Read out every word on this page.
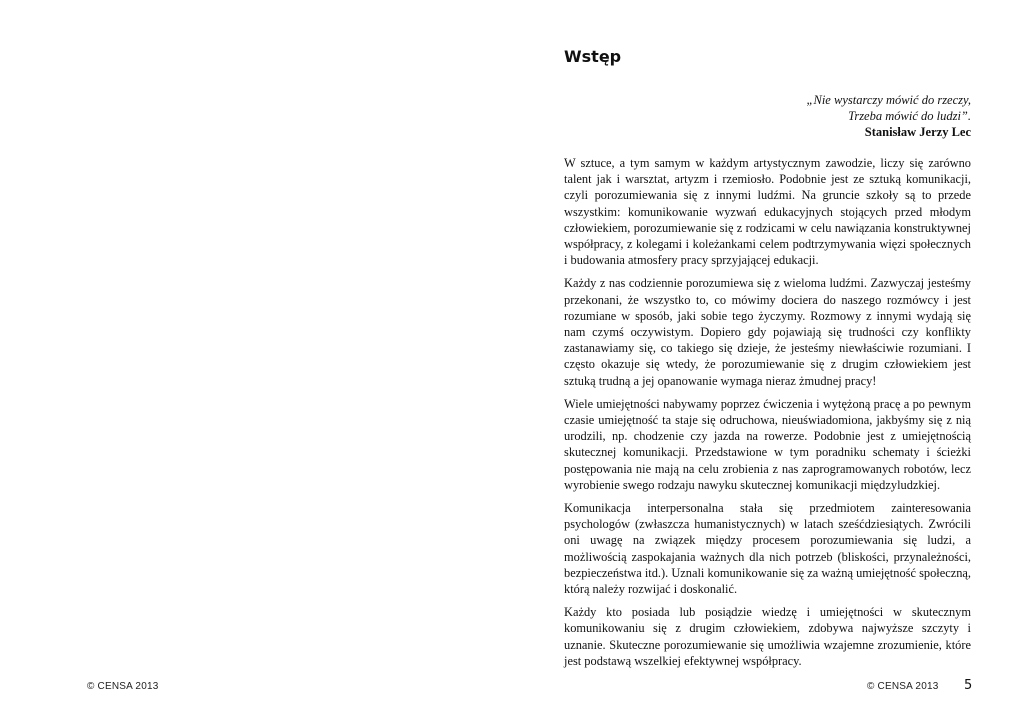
© CENSA 2013
Wstęp
„Nie wystarczy mówić do rzeczy,
Trzeba mówić do ludzi”.
Stanisław Jerzy Lec

W sztuce, a tym samym w każdym artystycznym zawodzie, liczy się zarówno talent jak i warsztat, artyzm i rzemiosło. Podobnie jest ze sztuką komunikacji, czyli porozumiewania się z innymi ludźmi. Na gruncie szkoły są to przede wszystkim: komunikowanie wyzwań edukacyjnych stojących przed młodym człowiekiem, porozumiewanie się z rodzicami w celu nawiązania konstruktywnej współpracy, z kolegami i koleżankami celem podtrzymywania więzi społecznych i budowania atmosfery pracy sprzyjającej edukacji.

Każdy z nas codziennie porozumiewa się z wieloma ludźmi. Zazwyczaj jesteśmy przekonani, że wszystko to, co mówimy dociera do naszego rozmówcy i jest rozumiane w sposób, jaki sobie tego życzymy. Rozmowy z innymi wydają się nam czymś oczywistym. Dopiero gdy pojawiają się trudności czy konflikty zastanawiamy się, co takiego się dzieje, że jesteśmy niewłaściwie rozumiani. I często okazuje się wtedy, że porozumiewanie się z drugim człowiekiem jest sztuką trudną a jej opanowanie wymaga nieraz żmudnej pracy!

Wiele umiejętności nabywamy poprzez ćwiczenia i wytężoną pracę a po pewnym czasie umiejętność ta staje się odruchowa, nieuświadomiona, jakbyśmy się z nią urodzili, np. chodzenie czy jazda na rowerze. Podobnie jest z umiejętnością skutecznej komunikacji. Przedstawione w tym poradniku schematy i ścieżki postępowania nie mają na celu zrobienia z nas zaprogramowanych robotów, lecz wyrobienie swego rodzaju nawyku skutecznej komunikacji międzyludzkiej.

Komunikacja interpersonalna stała się przedmiotem zainteresowania psychologów (zwłaszcza humanistycznych) w latach sześćdziesiątych. Zwrócili oni uwagę na związek między procesem porozumiewania się ludzi, a możliwością zaspokajania ważnych dla nich potrzeb (bliskości, przynależności, bezpieczeństwa itd.). Uznali komunikowanie się za ważną umiejętność społeczną, którą należy rozwijać i doskonalić.

Każdy kto posiada lub posiądzie wiedzę i umiejętności w skutecznym komunikowaniu się z drugim człowiekiem, zdobywa najwyższe szczyty i uznanie. Skuteczne porozumiewanie się umożliwia wzajemne zrozumienie, które jest podstawą wszelkiej efektywnej współpracy.

© CENSA 2013 5
